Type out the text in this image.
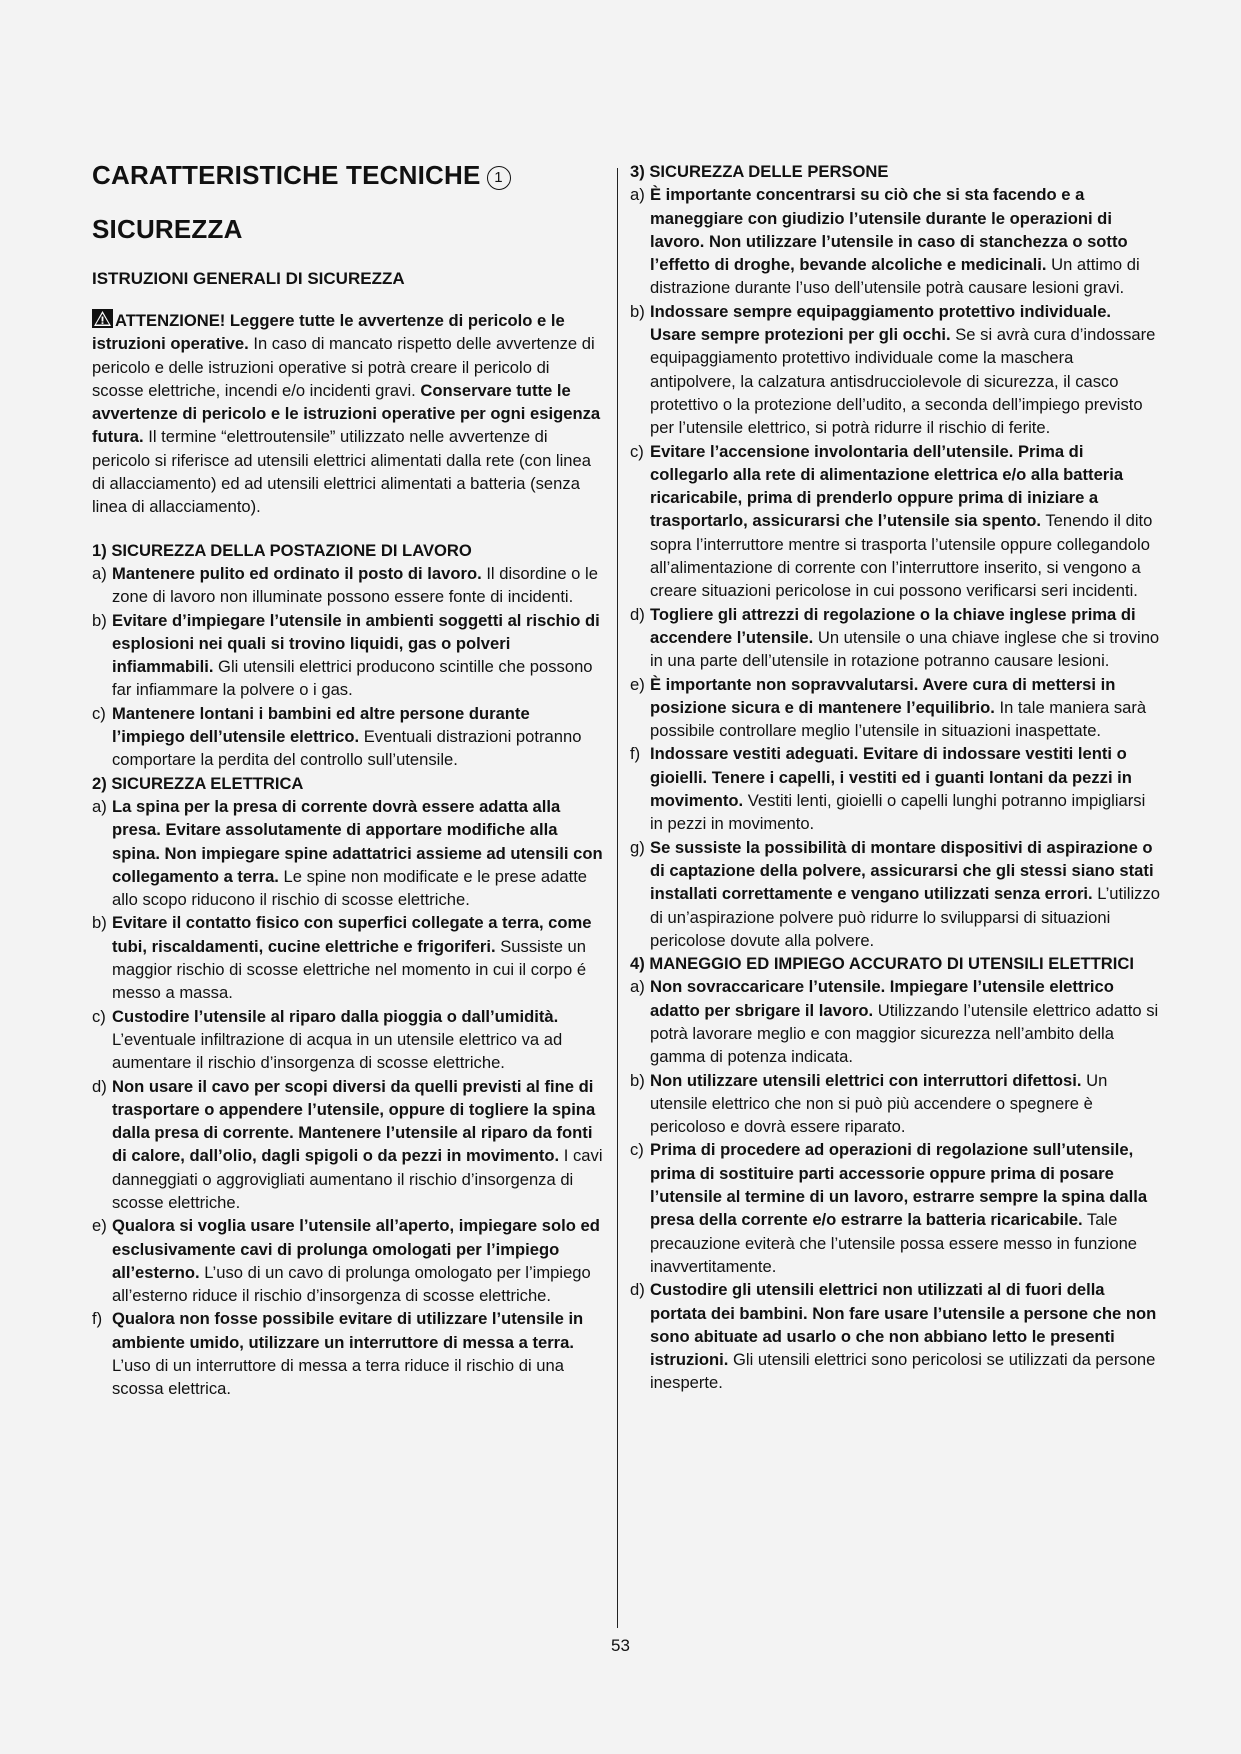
CARATTERISTICHE TECNICHE 1
SICUREZZA
ISTRUZIONI GENERALI DI SICUREZZA

ATTENZIONE! Leggere tutte le avvertenze di pericolo e le istruzioni operative. In caso di mancato rispetto delle avvertenze di pericolo e delle istruzioni operative si potrà creare il pericolo di scosse elettriche, incendi e/o incidenti gravi. Conservare tutte le avvertenze di pericolo e le istruzioni operative per ogni esigenza futura. Il termine “elettroutensile” utilizzato nelle avvertenze di pericolo si riferisce ad utensili elettrici alimentati dalla rete (con linea di allacciamento) ed ad utensili elettrici alimentati a batteria (senza linea di allacciamento).

1) SICUREZZA DELLA POSTAZIONE DI LAVORO
a) Mantenere pulito ed ordinato il posto di lavoro. Il disordine o le zone di lavoro non illuminate possono essere fonte di incidenti.
b) Evitare d’impiegare l’utensile in ambienti soggetti al rischio di esplosioni nei quali si trovino liquidi, gas o polveri infiammabili. Gli utensili elettrici producono scintille che possono far infiammare la polvere o i gas.
c) Mantenere lontani i bambini ed altre persone durante l’impiego dell’utensile elettrico. Eventuali distrazioni potranno comportare la perdita del controllo sull’utensile.
2) SICUREZZA ELETTRICA
a) La spina per la presa di corrente dovrà essere adatta alla presa. Evitare assolutamente di apportare modifiche alla spina. Non impiegare spine adattatrici assieme ad utensili con collegamento a terra. Le spine non modificate e le prese adatte allo scopo riducono il rischio di scosse elettriche.
b) Evitare il contatto fisico con superfici collegate a terra, come tubi, riscaldamenti, cucine elettriche e frigoriferi. Sussiste un maggior rischio di scosse elettriche nel momento in cui il corpo é messo a massa.
c) Custodire l’utensile al riparo dalla pioggia o dall’umidità. L’eventuale infiltrazione di acqua in un utensile elettrico va ad aumentare il rischio d’insorgenza di scosse elettriche.
d) Non usare il cavo per scopi diversi da quelli previsti al fine di trasportare o appendere l’utensile, oppure di togliere la spina dalla presa di corrente. Mantenere l’utensile al riparo da fonti di calore, dall’olio, dagli spigoli o da pezzi in movimento. I cavi danneggiati o aggrovigliati aumentano il rischio d’insorgenza di scosse elettriche.
e) Qualora si voglia usare l’utensile all’aperto, impiegare solo ed esclusivamente cavi di prolunga omologati per l’impiego all’esterno. L’uso di un cavo di prolunga omologato per l’impiego all’esterno riduce il rischio d’insorgenza di scosse elettriche.
f) Qualora non fosse possibile evitare di utilizzare l’utensile in ambiente umido, utilizzare un interruttore di messa a terra. L’uso di un interruttore di messa a terra riduce il rischio di una scossa elettrica.
3) SICUREZZA DELLE PERSONE
a) È importante concentrarsi su ciò che si sta facendo e a maneggiare con giudizio l’utensile durante le operazioni di lavoro. Non utilizzare l’utensile in caso di stanchezza o sotto l’effetto di droghe, bevande alcoliche e medicinali. Un attimo di distrazione durante l’uso dell’utensile potrà causare lesioni gravi.
b) Indossare sempre equipaggiamento protettivo individuale. Usare sempre protezioni per gli occhi. Se si avrà cura d’indossare equipaggiamento protettivo individuale come la maschera antipolvere, la calzatura antisdrucciolevole di sicurezza, il casco protettivo o la protezione dell’udito, a seconda dell’impiego previsto per l’utensile elettrico, si potrà ridurre il rischio di ferite.
c) Evitare l’accensione involontaria dell’utensile. Prima di collegarlo alla rete di alimentazione elettrica e/o alla batteria ricaricabile, prima di prenderlo oppure prima di iniziare a trasportarlo, assicurarsi che l’utensile sia spento. Tenendo il dito sopra l’interruttore mentre si trasporta l’utensile oppure collegandolo all’alimentazione di corrente con l’interruttore inserito, si vengono a creare situazioni pericolose in cui possono verificarsi seri incidenti.
d) Togliere gli attrezzi di regolazione o la chiave inglese prima di accendere l’utensile. Un utensile o una chiave inglese che si trovino in una parte dell’utensile in rotazione potranno causare lesioni.
e) È importante non sopravvalutarsi. Avere cura di mettersi in posizione sicura e di mantenere l’equilibrio. In tale maniera sarà possibile controllare meglio l’utensile in situazioni inaspettate.
f) Indossare vestiti adeguati. Evitare di indossare vestiti lenti o gioielli. Tenere i capelli, i vestiti ed i guanti lontani da pezzi in movimento. Vestiti lenti, gioielli o capelli lunghi potranno impigliarsi in pezzi in movimento.
g) Se sussiste la possibilità di montare dispositivi di aspirazione o di captazione della polvere, assicurarsi che gli stessi siano stati installati correttamente e vengano utilizzati senza errori. L’utilizzo di un’aspirazione polvere può ridurre lo svilupparsi di situazioni pericolose dovute alla polvere.
4) MANEGGIO ED IMPIEGO ACCURATO DI UTENSILI ELETTRICI
a) Non sovraccaricare l’utensile. Impiegare l’utensile elettrico adatto per sbrigare il lavoro. Utilizzando l’utensile elettrico adatto si potrà lavorare meglio e con maggior sicurezza nell’ambito della gamma di potenza indicata.
b) Non utilizzare utensili elettrici con interruttori difettosi. Un utensile elettrico che non si può più accendere o spegnere è pericoloso e dovrà essere riparato.
c) Prima di procedere ad operazioni di regolazione sull’utensile, prima di sostituire parti accessorie oppure prima di posare l’utensile al termine di un lavoro, estrarre sempre la spina dalla presa della corrente e/o estrarre la batteria ricaricabile. Tale precauzione eviterà che l’utensile possa essere messo in funzione inavvertitamente.
d) Custodire gli utensili elettrici non utilizzati al di fuori della portata dei bambini. Non fare usare l’utensile a persone che non sono abituate ad usarlo o che non abbiano letto le presenti istruzioni. Gli utensili elettrici sono pericolosi se utilizzati da persone inesperte.
53
